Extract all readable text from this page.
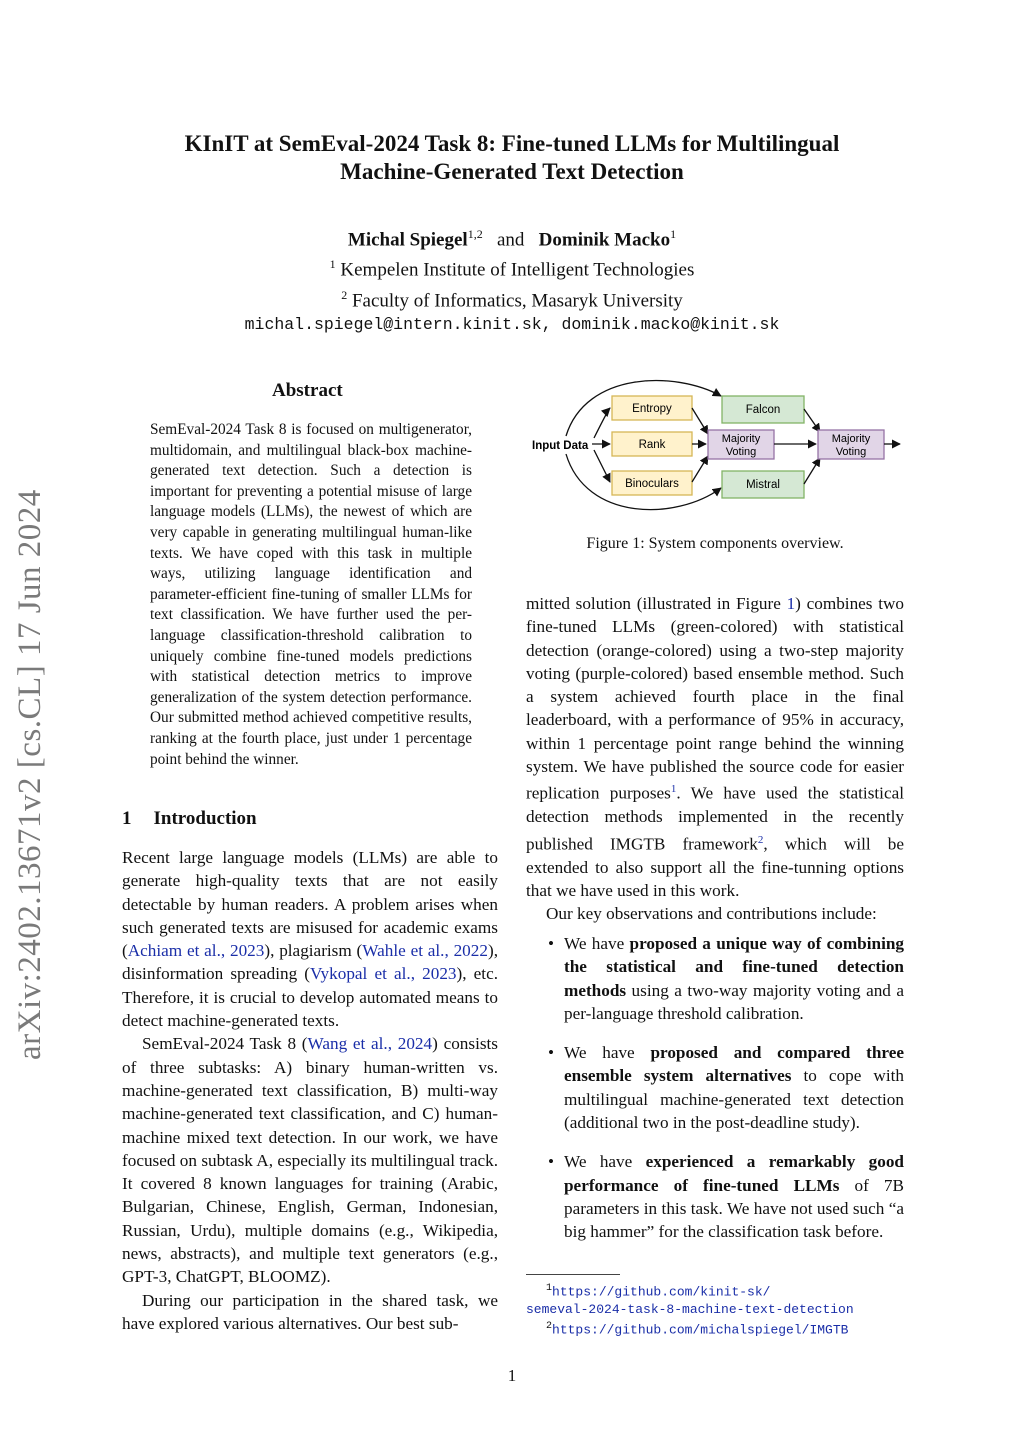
KInIT at SemEval-2024 Task 8: Fine-tuned LLMs for Multilingual
Machine-Generated Text Detection
Michal Spiegel$^{1,2}$ and Dominik Macko$^1$
$^1$ Kempelen Institute of Intelligent Technologies
$^2$ Faculty of Informatics, Masaryk University
michal.spiegel@intern.kinit.sk, dominik.macko@kinit.sk
arXiv:2402.13671v2 [cs.CL] 17 Jun 2024
Abstract
SemEval-2024 Task 8 is focused on multigenerator, multidomain, and multilingual black-box machine-generated text detection. Such a detection is important for preventing a potential misuse of large language models (LLMs), the newest of which are very capable in generating multilingual human-like texts. We have coped with this task in multiple ways, utilizing language identification and parameter-efficient fine-tuning of smaller LLMs for text classification. We have further used the per-language classification-threshold calibration to uniquely combine fine-tuned models predictions with statistical detection metrics to improve generalization of the system detection performance. Our submitted method achieved competitive results, ranking at the fourth place, just under 1 percentage point behind the winner.
1 Introduction

Recent large language models (LLMs) are able to generate high-quality texts that are not easily detectable by human readers. A problem arises when such generated texts are misused for academic exams (Achiam et al., 2023), plagiarism (Wahle et al., 2022), disinformation spreading (Vykopal et al., 2023), etc. Therefore, it is crucial to develop automated means to detect machine-generated texts.

SemEval-2024 Task 8 (Wang et al., 2024) consists of three subtasks: A) binary human-written vs. machine-generated text classification, B) multi-way machine-generated text classification, and C) human-machine mixed text detection. In our work, we have focused on subtask A, especially its multilingual track. It covered 8 known languages for training (Arabic, Bulgarian, Chinese, English, German, Indonesian, Russian, Urdu), multiple domains (e.g., Wikipedia, news, abstracts), and multiple text generators (e.g., GPT-3, ChatGPT, BLOOMZ).

During our participation in the shared task, we have explored various alternatives. Our best sub-

Input Data
Entropy
Rank
Binoculars
Majority
Voting
Falcon
Mistral
Majority
Voting
Figure 1: System components overview.

mitted solution (illustrated in Figure 1) combines two fine-tuned LLMs (green-colored) with statistical detection (orange-colored) using a two-step majority voting (purple-colored) based ensemble method. Such a system achieved fourth place in the final leaderboard, with a performance of 95% in accuracy, within 1 percentage point range behind the winning system. We have published the source code for easier replication purposes$^1$. We have used the statistical detection methods implemented in the recently published IMGTB framework$^2$, which will be extended to also support all the fine-tunning options that we have used in this work.

Our key observations and contributions include:

• We have proposed a unique way of combining the statistical and fine-tuned detection methods using a two-way majority voting and a per-language threshold calibration.
• We have proposed and compared three ensemble system alternatives to cope with multilingual machine-generated text detection (additional two in the post-deadline study).
• We have experienced a remarkably good performance of fine-tuned LLMs of 7B parameters in this task. We have not used such “a big hammer” for the classification task before.
$^1$https://github.com/kinit-sk/
semeval-2024-task-8-machine-text-detection
$^2$https://github.com/michalspiegel/IMGTB
1
